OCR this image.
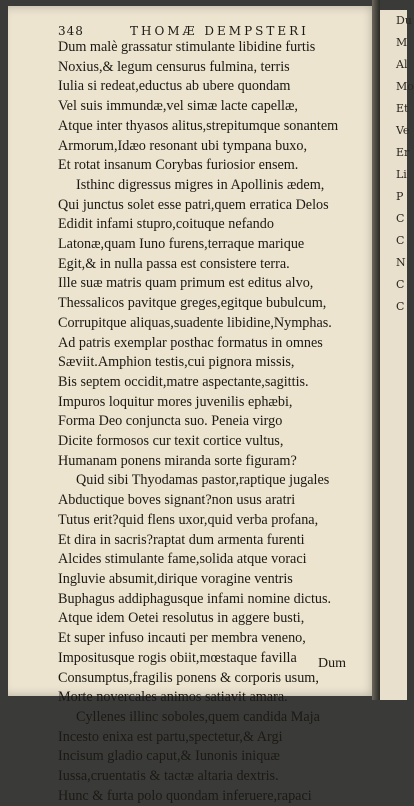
348	THOMÆ DEMPSTERI
Dum malè grassatur stimulante libidine furtis
Noxius,& legum censurus fulmina, terris
Iulia si redeat,eductus ab ubere quondam
Vel suis immundæ,vel simæ lacte capellæ,
Atque inter thyasos alitus,strepitumque sonantem
Armorum,Idæo resonant ubi tympana buxo,
Et rotat insanum Corybas furiosior ensem.
Isthinc digressus migres in Apollinis ædem,
Qui junctus solet esse patri,quem erratica Delos
Edidit infami stupro,coituque nefando
Latonæ,quam Iuno furens,terraque marique
Egit,& in nulla passa est consistere terra.
Ille suæ matris quam primum est editus alvo,
Thessalicos pavitque greges,egitque bubulcum,
Corrupitque aliquas,suadente libidine,Nymphas.
Ad patris exemplar posthac formatus in omnes
Sæviit.Amphion testis,cui pignora missis,
Bis septem occidit,matre aspectante,sagittis.
Impuros loquitur mores juvenilis ephæbi,
Forma Deo conjuncta suo. Peneia virgo
Dicite formosos cur texit cortice vultus,
Humanam ponens miranda sorte figuram?
Quid sibi Thyodamas pastor,raptique jugales
Abductique boves signant?non usus aratri
Tutus erit?quid flens uxor,quid verba profana,
Et dira in sacris?raptat dum armenta furenti
Alcides stimulante fame,solida atque voraci
Ingluvie absumit,dirique voragine ventris
Buphagus addiphagusque infami nomine dictus.
Atque idem Oetei resolutus in aggere busti,
Et super infuso incauti per membra veneno,
Impositusque rogis obiit,mœstaque favilla
Consumptus,fragilis ponens & corporis usum,
Morte novercales animos satiavit amara.
Cyllenes illinc soboles,quem candida Maja
Incesto enixa est partu,spectetur,& Argi
Incisum gladio caput,& Iunonis iniquæ
Iussa,cruentatis & tactæ altaria dextris.
Hunc & furta polo quondam inferuere,rapaci
Dum
Du
M
Al
Mo
Et
Ve
Er
Li
P
C
C
N
C
C
